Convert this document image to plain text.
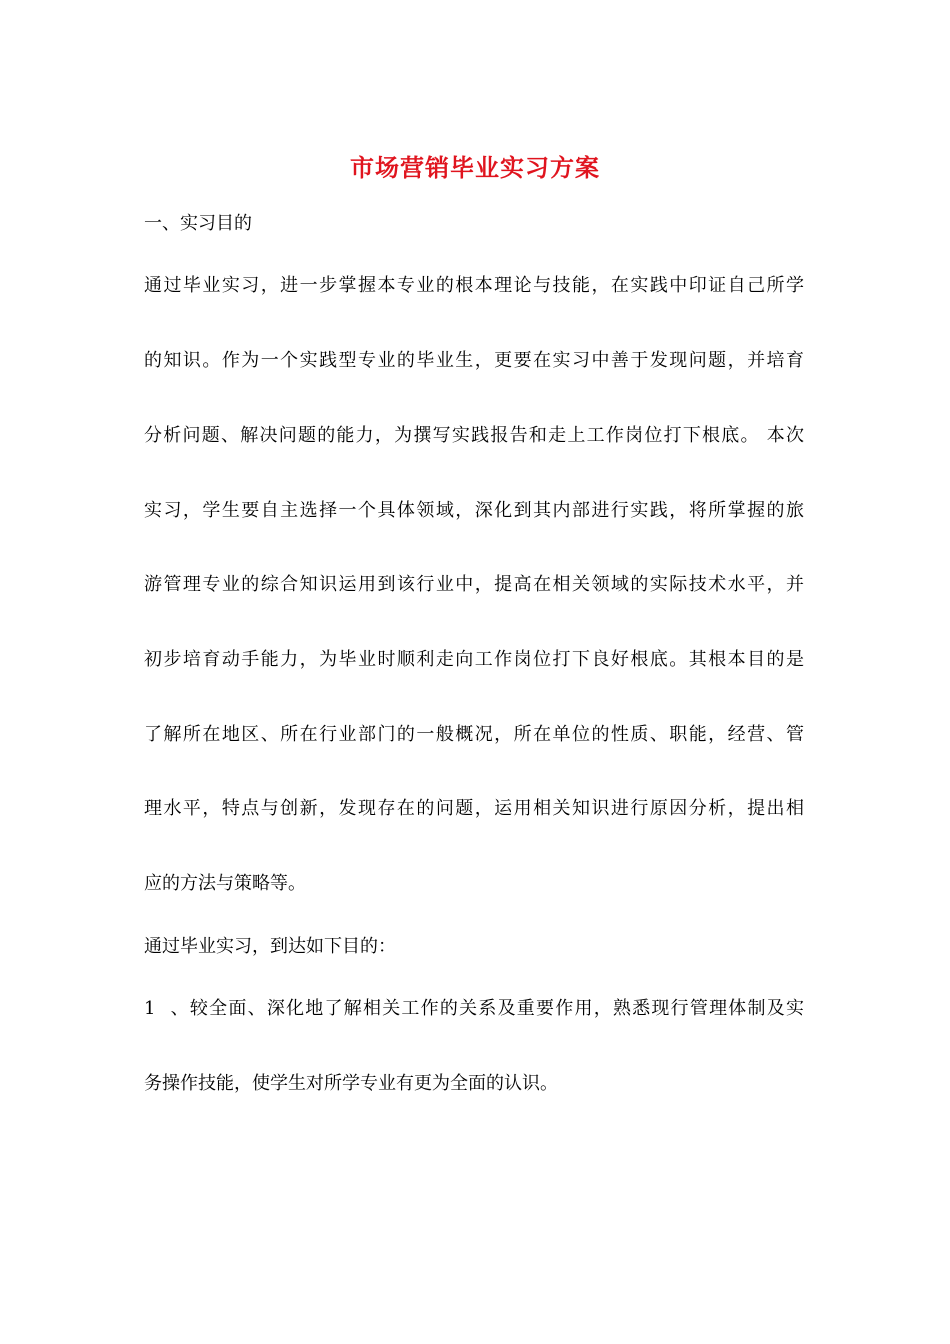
市场营销毕业实习方案
一、实习目的
通过毕业实习，进一步掌握本专业的根本理论与技能，在实践中印证自己所学
的知识。作为一个实践型专业的毕业生，更要在实习中善于发现问题，并培育
分析问题、解决问题的能力，为撰写实践报告和走上工作岗位打下根底。 本次
实习，学生要自主选择一个具体领域，深化到其内部进行实践，将所掌握的旅
游管理专业的综合知识运用到该行业中，提高在相关领域的实际技术水平，并
初步培育动手能力，为毕业时顺利走向工作岗位打下良好根底。其根本目的是
了解所在地区、所在行业部门的一般概况，所在单位的性质、职能，经营、管
理水平，特点与创新，发现存在的问题，运用相关知识进行原因分析，提出相
应的方法与策略等。
通过毕业实习，到达如下目的：
1 、较全面、深化地了解相关工作的关系及重要作用，熟悉现行管理体制及实
务操作技能，使学生对所学专业有更为全面的认识。
